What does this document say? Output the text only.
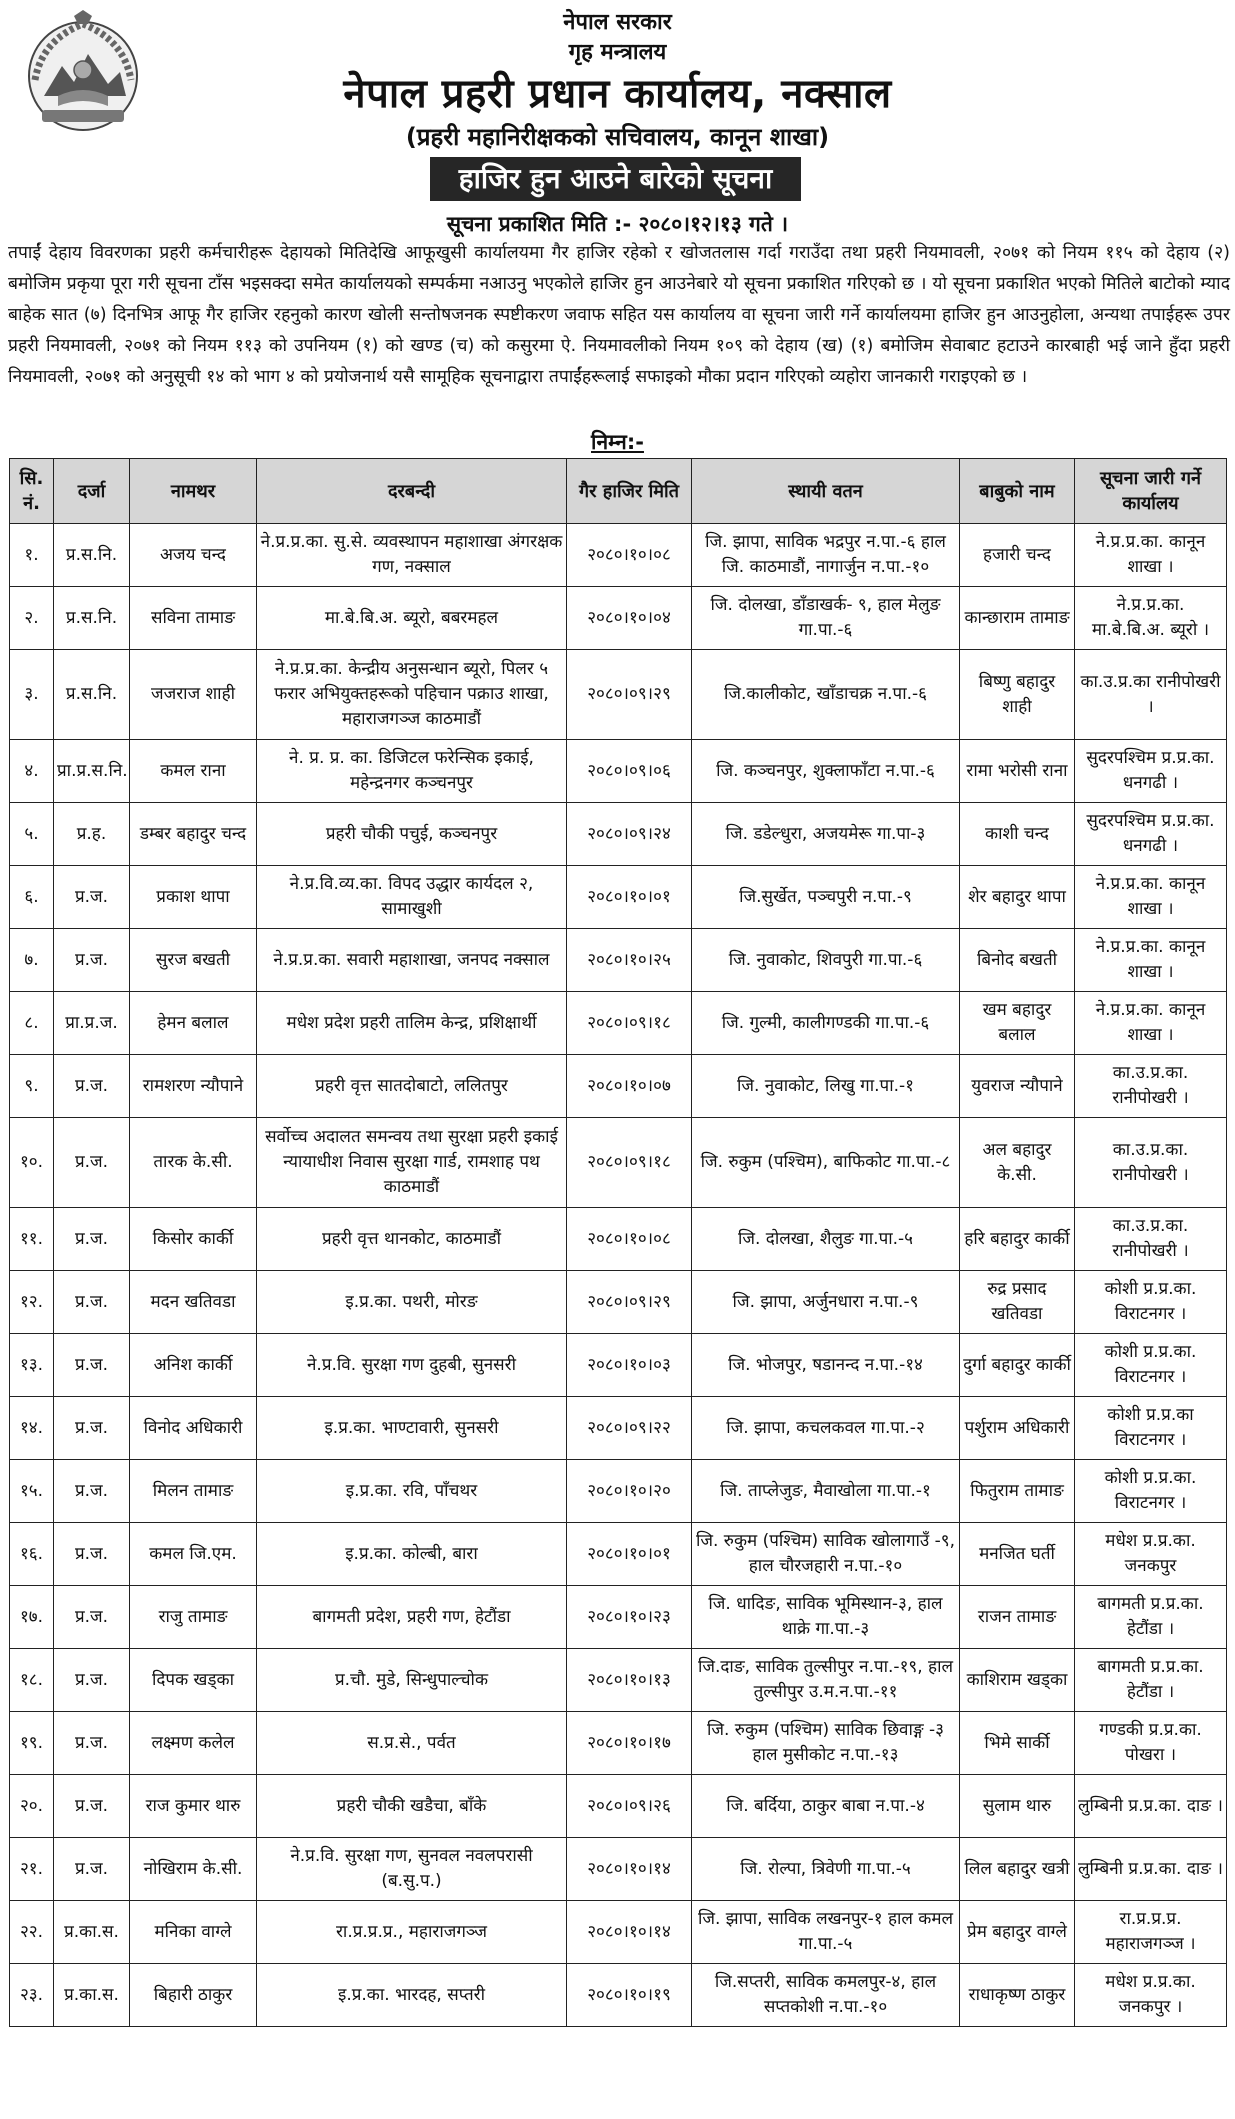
नेपाल सरकार
गृह मन्त्रालय
नेपाल प्रहरी प्रधान कार्यालय, नक्साल
(प्रहरी महानिरीक्षकको सचिवालय, कानून शाखा)
हाजिर हुन आउने बारेको सूचना
सूचना प्रकाशित मिति :- २०८०।१२।१३ गते ।
तपाईं देहाय विवरणका प्रहरी कर्मचारीहरू देहायको मितिदेखि आफूखुसी कार्यालयमा गैर हाजिर रहेको र खोजतलास गर्दा गराउँदा तथा प्रहरी नियमावली, २०७१ को नियम ११५ को देहाय (२) बमोजिम प्रकृया पूरा गरी सूचना टाँस भइसक्दा समेत कार्यालयको सम्पर्कमा नआउनु भएकोले हाजिर हुन आउनेबारे यो सूचना प्रकाशित गरिएको छ । यो सूचना प्रकाशित भएको मितिले बाटोको म्याद बाहेक सात (७) दिनभित्र आफू गैर हाजिर रहनुको कारण खोली सन्तोषजनक स्पष्टीकरण जवाफ सहित यस कार्यालय वा सूचना जारी गर्ने कार्यालयमा हाजिर हुन आउनुहोला, अन्यथा तपाईहरू उपर प्रहरी नियमावली, २०७१ को नियम ११३ को उपनियम (१) को खण्ड (च) को कसुरमा ऐ. नियमावलीको नियम १०९ को देहाय (ख) (१) बमोजिम सेवाबाट हटाउने कारबाही भई जाने हुँदा प्रहरी नियमावली, २०७१ को अनुसूची १४ को भाग ४ को प्रयोजनार्थ यसै सामूहिक सूचनाद्वारा तपाईंहरूलाई सफाइको मौका प्रदान गरिएको व्यहोरा जानकारी गराइएको छ ।
निम्न:-
सि. नं.	दर्जा	नामथर	दरबन्दी	गैर हाजिर मिति	स्थायी वतन	बाबुको नाम	सूचना जारी गर्ने कार्यालय
१.	प्र.स.नि.	अजय चन्द	ने.प्र.प्र.का. सु.से. व्यवस्थापन महाशाखा अंगरक्षक गण, नक्साल	२०८०।१०।०८	जि. झापा, साविक भद्रपुर न.पा.-६ हाल जि. काठमाडौं, नागार्जुन न.पा.-१०	हजारी चन्द	ने.प्र.प्र.का. कानून शाखा ।
२.	प्र.स.नि.	सविना तामाङ	मा.बे.बि.अ. ब्यूरो, बबरमहल	२०८०।१०।०४	जि. दोलखा, डाँडाखर्क- ९, हाल मेलुङ गा.पा.-६	कान्छाराम तामाङ	ने.प्र.प्र.का. मा.बे.बि.अ. ब्यूरो ।
३.	प्र.स.नि.	जजराज शाही	ने.प्र.प्र.का. केन्द्रीय अनुसन्धान ब्यूरो, पिलर ५ फरार अभियुक्तहरूको पहिचान पक्राउ शाखा, महाराजगञ्ज काठमाडौं	२०८०।०९।२९	जि.कालीकोट, खाँडाचक्र न.पा.-६	बिष्णु बहादुर शाही	का.उ.प्र.का रानीपोखरी ।
४.	प्रा.प्र.स.नि.	कमल राना	ने. प्र. प्र. का. डिजिटल फरेन्सिक इकाई, महेन्द्रनगर कञ्चनपुर	२०८०।०९।०६	जि. कञ्चनपुर, शुक्लाफाँटा न.पा.-६	रामा भरोसी राना	सुदरपश्चिम प्र.प्र.का. धनगढी ।
५.	प्र.ह.	डम्बर बहादुर चन्द	प्रहरी चौकी पचुई, कञ्चनपुर	२०८०।०९।२४	जि. डडेल्धुरा, अजयमेरू गा.पा-३	काशी चन्द	सुदरपश्चिम प्र.प्र.का. धनगढी ।
६.	प्र.ज.	प्रकाश थापा	ने.प्र.वि.व्य.का. विपद उद्धार कार्यदल २, सामाखुशी	२०८०।१०।०१	जि.सुर्खेत, पञ्चपुरी न.पा.-९	शेर बहादुर थापा	ने.प्र.प्र.का. कानून शाखा ।
७.	प्र.ज.	सुरज बखती	ने.प्र.प्र.का. सवारी महाशाखा, जनपद नक्साल	२०८०।१०।२५	जि. नुवाकोट, शिवपुरी गा.पा.-६	बिनोद बखती	ने.प्र.प्र.का. कानून शाखा ।
८.	प्रा.प्र.ज.	हेमन बलाल	मधेश प्रदेश प्रहरी तालिम केन्द्र, प्रशिक्षार्थी	२०८०।०९।१८	जि. गुल्मी, कालीगण्डकी गा.पा.-६	खम बहादुर बलाल	ने.प्र.प्र.का. कानून शाखा ।
९.	प्र.ज.	रामशरण न्यौपाने	प्रहरी वृत्त सातदोबाटो, ललितपुर	२०८०।१०।०७	जि. नुवाकोट, लिखु गा.पा.-१	युवराज न्यौपाने	का.उ.प्र.का. रानीपोखरी ।
१०.	प्र.ज.	तारक के.सी.	सर्वोच्च अदालत समन्वय तथा सुरक्षा प्रहरी इकाई न्यायाधीश निवास सुरक्षा गार्ड, रामशाह पथ काठमाडौं	२०८०।०९।१८	जि. रुकुम (पश्चिम), बाफिकोट गा.पा.-८	अल बहादुर के.सी.	का.उ.प्र.का. रानीपोखरी ।
११.	प्र.ज.	किसोर कार्की	प्रहरी वृत्त थानकोट, काठमाडौं	२०८०।१०।०८	जि. दोलखा, शैलुङ गा.पा.-५	हरि बहादुर कार्की	का.उ.प्र.का. रानीपोखरी ।
१२.	प्र.ज.	मदन खतिवडा	इ.प्र.का. पथरी, मोरङ	२०८०।०९।२९	जि. झापा, अर्जुनधारा न.पा.-९	रुद्र प्रसाद खतिवडा	कोशी प्र.प्र.का. विराटनगर ।
१३.	प्र.ज.	अनिश कार्की	ने.प्र.वि. सुरक्षा गण दुहबी, सुनसरी	२०८०।१०।०३	जि. भोजपुर, षडानन्द न.पा.-१४	दुर्गा बहादुर कार्की	कोशी प्र.प्र.का. विराटनगर ।
१४.	प्र.ज.	विनोद अधिकारी	इ.प्र.का. भाण्टावारी, सुनसरी	२०८०।०९।२२	जि. झापा, कचलकवल गा.पा.-२	पर्शुराम अधिकारी	कोशी प्र.प्र.का विराटनगर ।
१५.	प्र.ज.	मिलन तामाङ	इ.प्र.का. रवि, पाँचथर	२०८०।१०।२०	जि. ताप्लेजुङ, मैवाखोला गा.पा.-१	फितुराम तामाङ	कोशी प्र.प्र.का. विराटनगर ।
१६.	प्र.ज.	कमल जि.एम.	इ.प्र.का. कोल्बी, बारा	२०८०।१०।०१	जि. रुकुम (पश्चिम) साविक खोलागाउँ -९, हाल चौरजहारी न.पा.-१०	मनजित घर्ती	मधेश प्र.प्र.का. जनकपुर
१७.	प्र.ज.	राजु तामाङ	बागमती प्रदेश, प्रहरी गण, हेटौंडा	२०८०।१०।२३	जि. धादिङ, साविक भूमिस्थान-३, हाल थाक्रे गा.पा.-३	राजन तामाङ	बागमती प्र.प्र.का. हेटौंडा ।
१८.	प्र.ज.	दिपक खड्का	प्र.चौ. मुडे, सिन्धुपाल्चोक	२०८०।१०।१३	जि.दाङ, साविक तुल्सीपुर न.पा.-१९, हाल तुल्सीपुर उ.म.न.पा.-११	काशिराम खड्का	बागमती प्र.प्र.का. हेटौंडा ।
१९.	प्र.ज.	लक्ष्मण कलेल	स.प्र.से., पर्वत	२०८०।१०।१७	जि. रुकुम (पश्चिम) साविक छिवाङ्ग -३ हाल मुसीकोट न.पा.-१३	भिमे सार्की	गण्डकी प्र.प्र.का. पोखरा ।
२०.	प्र.ज.	राज कुमार थारु	प्रहरी चौकी खडैचा, बाँके	२०८०।०९।२६	जि. बर्दिया, ठाकुर बाबा न.पा.-४	सुलाम थारु	लुम्बिनी प्र.प्र.का. दाङ ।
२१.	प्र.ज.	नोखिराम के.सी.	ने.प्र.वि. सुरक्षा गण, सुनवल नवलपरासी (ब.सु.प.)	२०८०।१०।१४	जि. रोल्पा, त्रिवेणी गा.पा.-५	लिल बहादुर खत्री	लुम्बिनी प्र.प्र.का. दाङ ।
२२.	प्र.का.स.	मनिका वाग्ले	रा.प्र.प्र.प्र., महाराजगञ्ज	२०८०।१०।१४	जि. झापा, साविक लखनपुर-१ हाल कमल गा.पा.-५	प्रेम बहादुर वाग्ले	रा.प्र.प्र.प्र. महाराजगञ्ज ।
२३.	प्र.का.स.	बिहारी ठाकुर	इ.प्र.का. भारदह, सप्तरी	२०८०।१०।१९	जि.सप्तरी, साविक कमलपुर-४, हाल सप्तकोशी न.पा.-१०	राधाकृष्ण ठाकुर	मधेश प्र.प्र.का. जनकपुर ।
